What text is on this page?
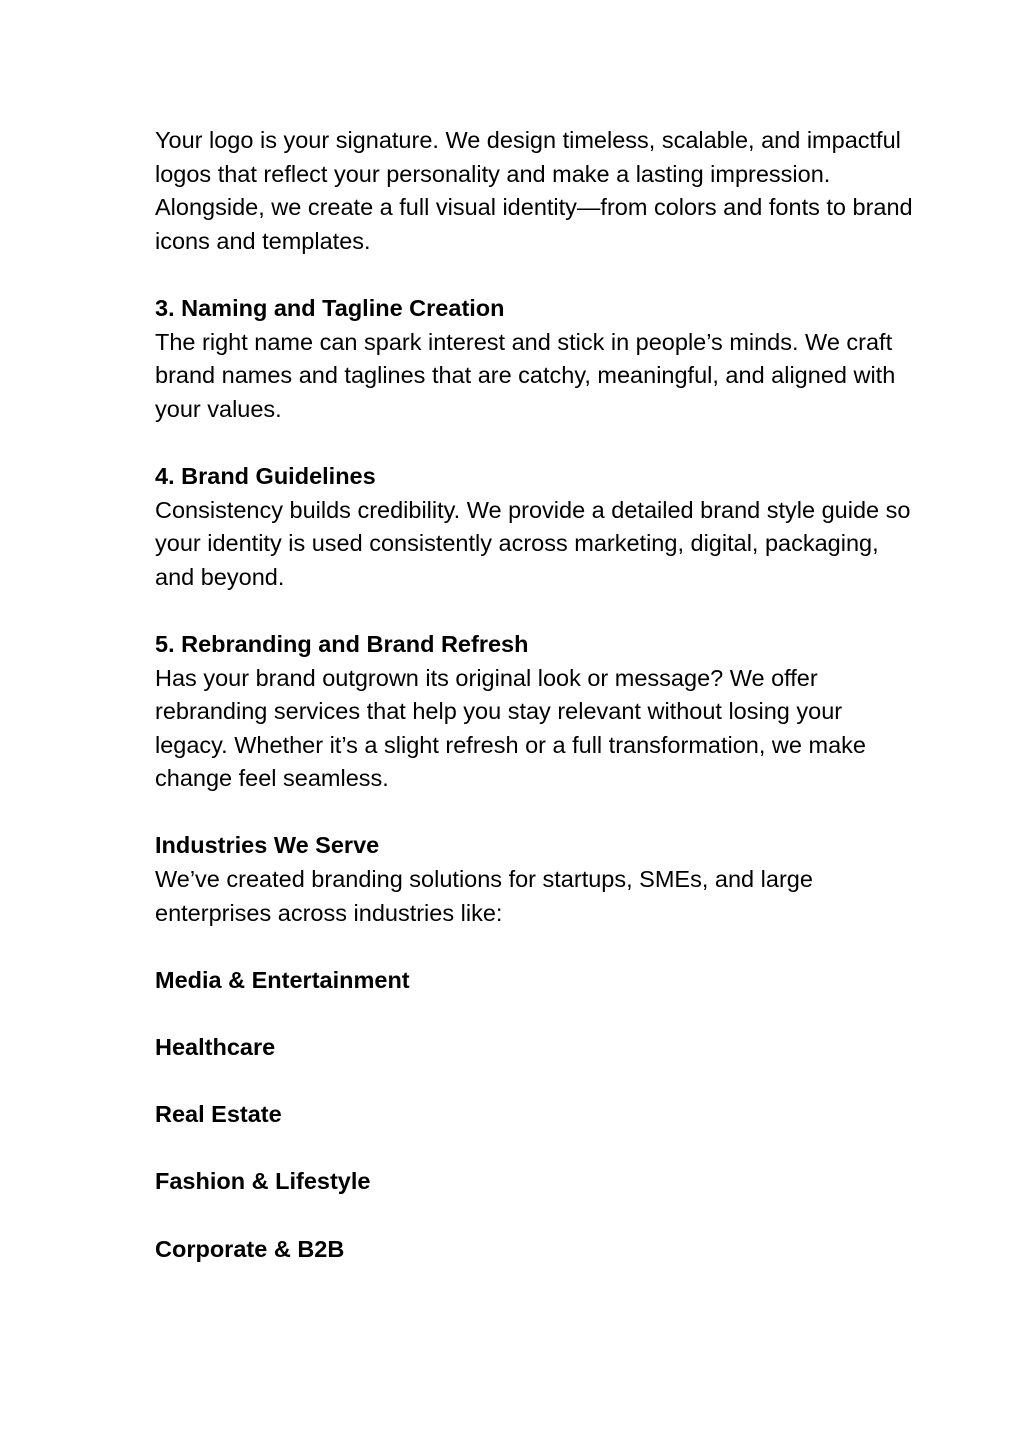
Your logo is your signature. We design timeless, scalable, and impactful logos that reflect your personality and make a lasting impression. Alongside, we create a full visual identity—from colors and fonts to brand icons and templates.

3. Naming and Tagline Creation

The right name can spark interest and stick in people’s minds. We craft brand names and taglines that are catchy, meaningful, and aligned with your values.

4. Brand Guidelines

Consistency builds credibility. We provide a detailed brand style guide so your identity is used consistently across marketing, digital, packaging, and beyond.

5. Rebranding and Brand Refresh

Has your brand outgrown its original look or message? We offer rebranding services that help you stay relevant without losing your legacy. Whether it’s a slight refresh or a full transformation, we make change feel seamless.

Industries We Serve

We’ve created branding solutions for startups, SMEs, and large enterprises across industries like:

Media & Entertainment

Healthcare

Real Estate

Fashion & Lifestyle

Corporate & B2B
